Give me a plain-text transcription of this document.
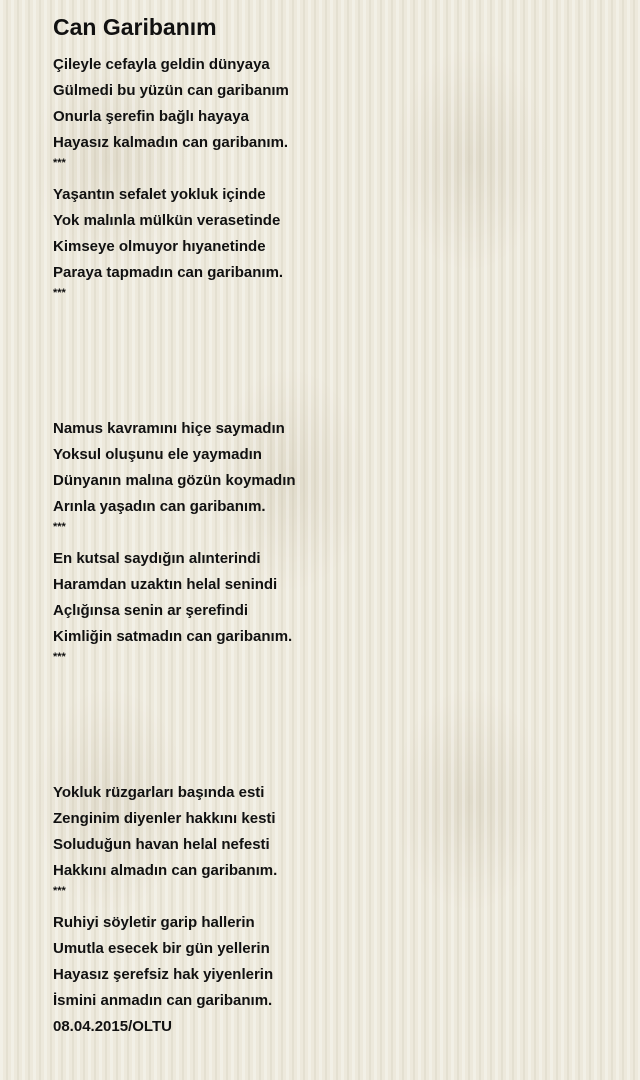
Can Garibanım
Çileyle cefayla geldin dünyaya
Gülmedi bu yüzün can garibanım
Onurla şerefin bağlı hayaya
Hayasız kalmadın can garibanım.
***
Yaşantın sefalet yokluk içinde
Yok malınla mülkün verasetinde
Kimseye olmuyor hıyanetinde
Paraya tapmadın can garibanım.
***
Namus kavramını hiçe saymadın
Yoksul oluşunu ele yaymadın
Dünyanın malına gözün koymadın
Arınla yaşadın can garibanım.
***
En kutsal saydığın alınterindi
Haramdan uzaktın helal senindi
Açlığınsa senin ar şerefindi
Kimliğin satmadın can garibanım.
***
Yokluk rüzgarları başında esti
Zenginim diyenler hakkını kesti
Soluduğun havan helal nefesti
Hakkını almadın can garibanım.
***
Ruhiyi söyletir garip hallerin
Umutla esecek bir gün yellerin
Hayasız şerefsiz hak yiyenlerin
İsmini anmadın can garibanım.
08.04.2015/OLTU
